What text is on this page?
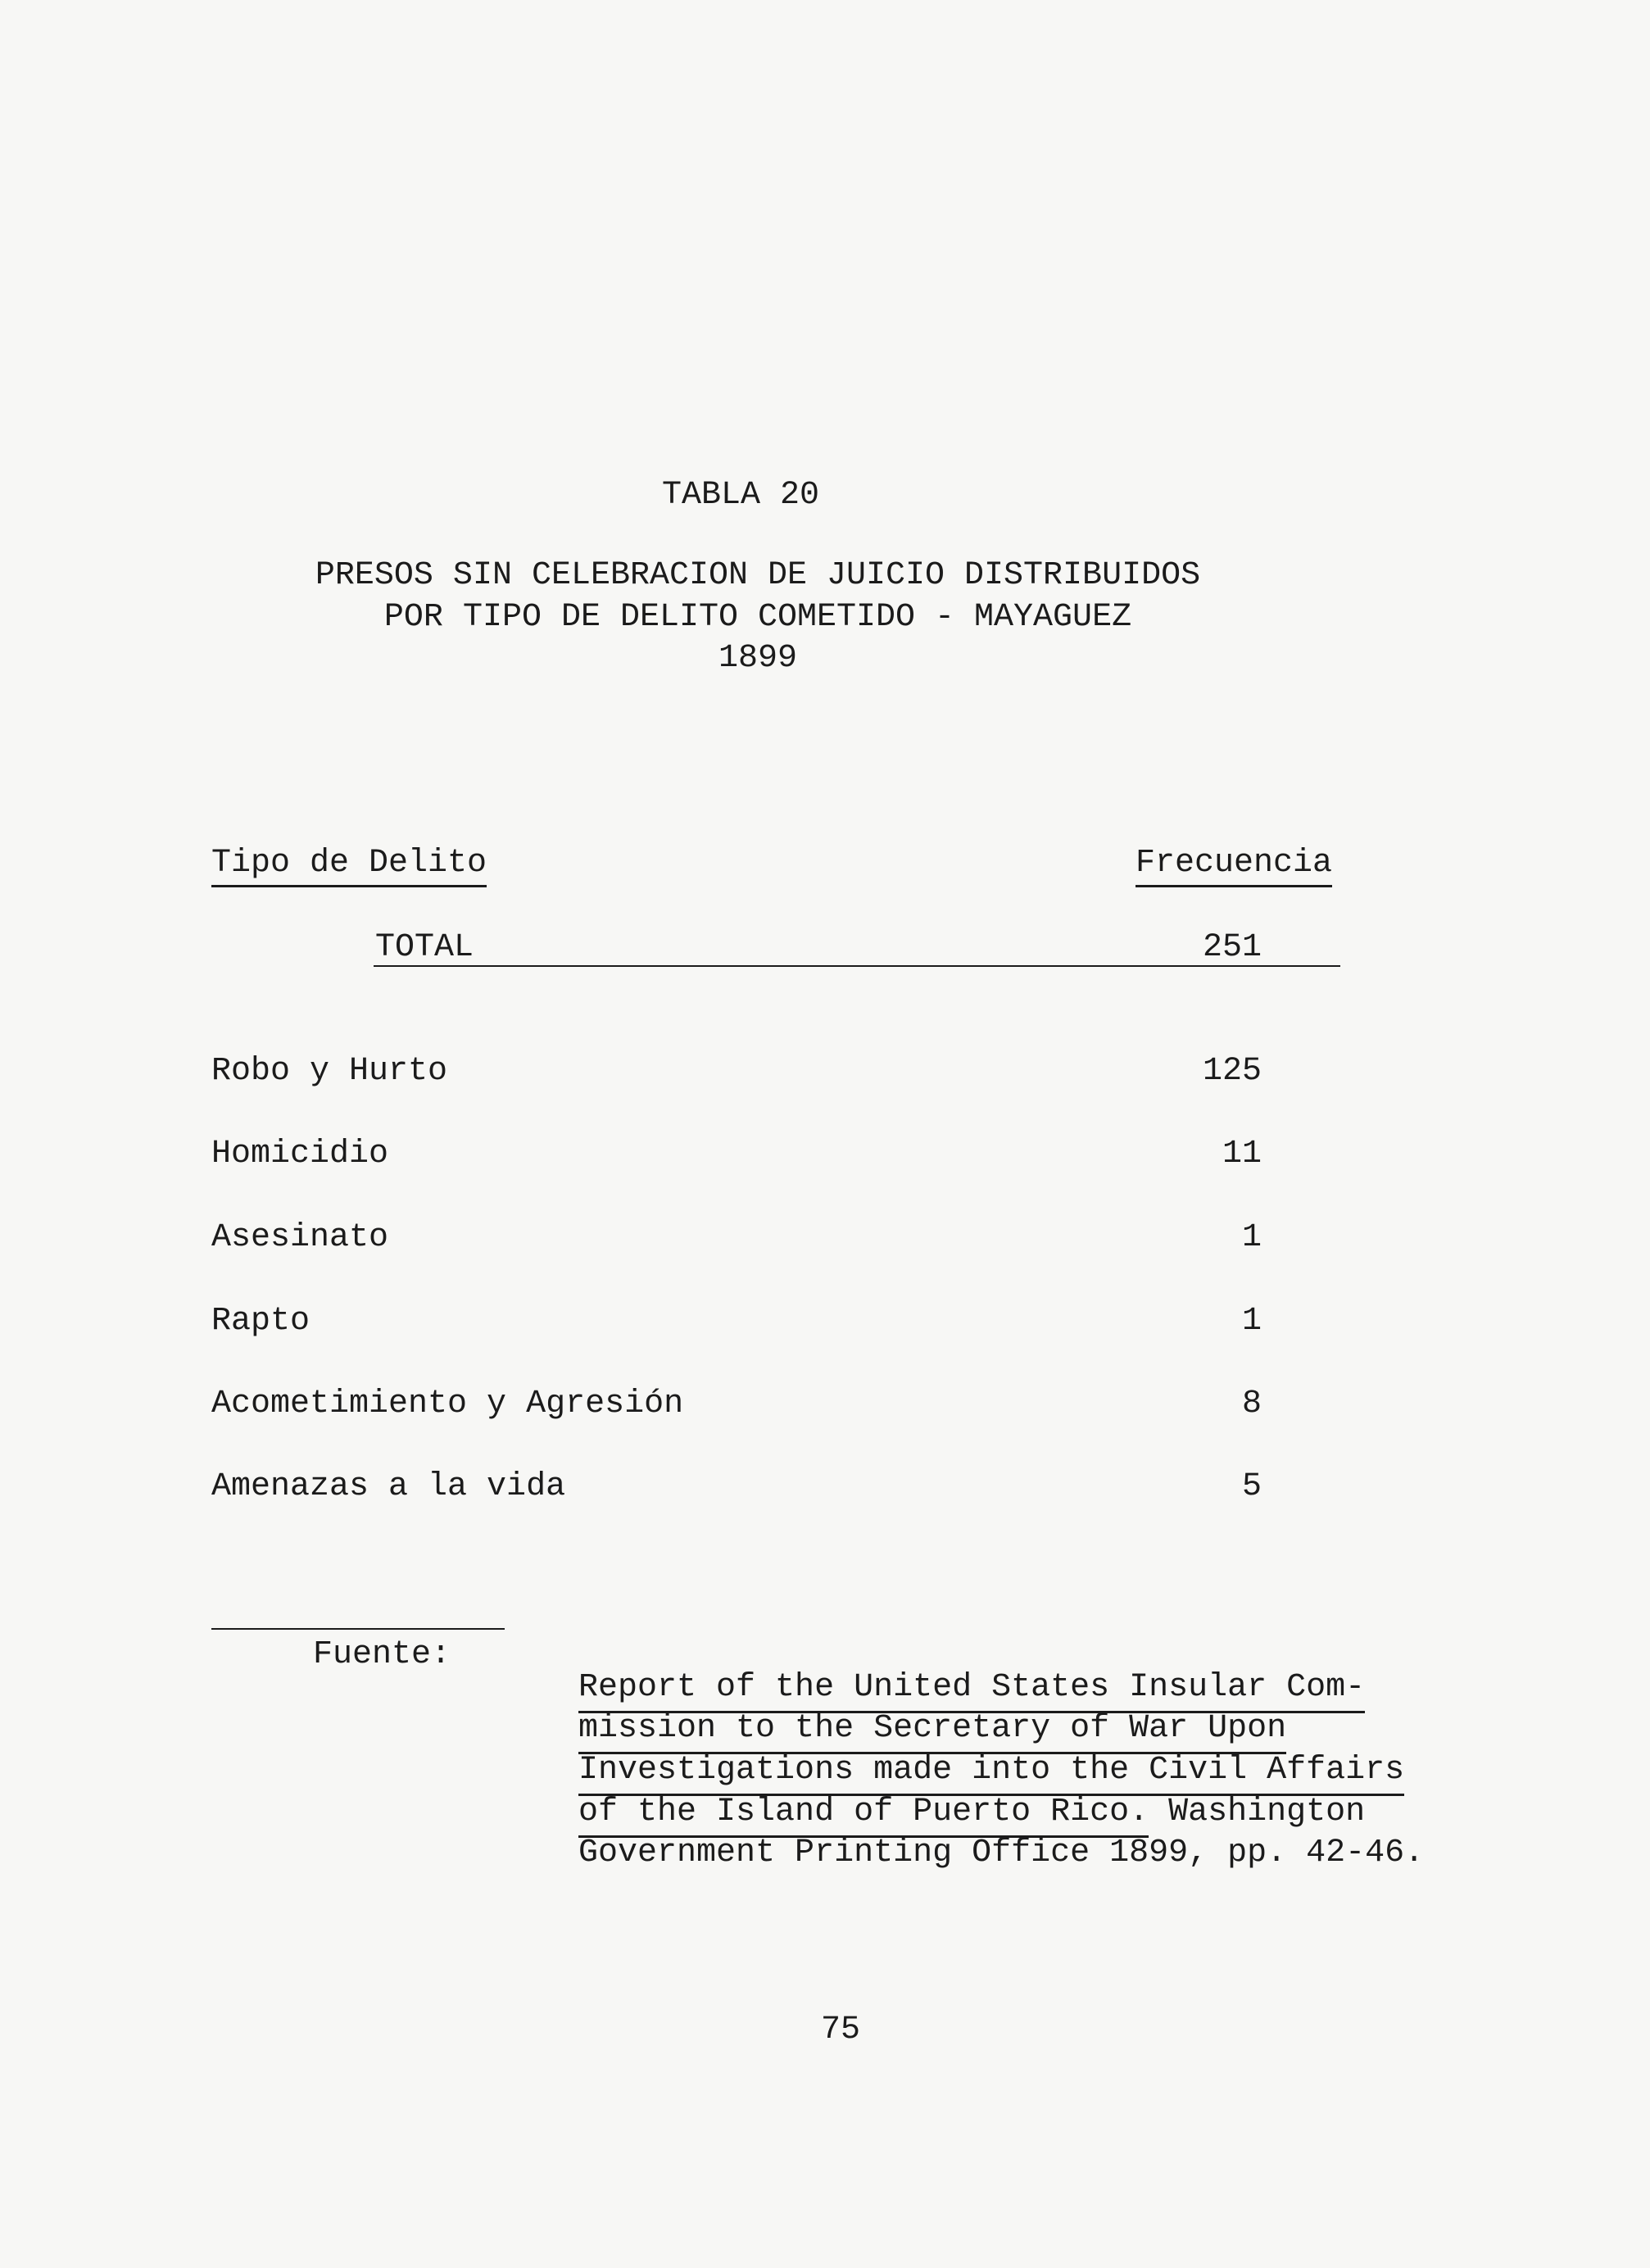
TABLA 20
PRESOS SIN CELEBRACION DE JUICIO DISTRIBUIDOS
POR TIPO DE DELITO COMETIDO - MAYAGUEZ
1899
Tipo de Delito	Frecuencia
TOTAL	251
Robo y Hurto	125
Homicidio	11
Asesinato	1
Rapto	1
Acometimiento y Agresión	8
Amenazas a la vida	5
Fuente:

Report of the United States Insular Com-

mission to the Secretary of War Upon

Investigations made into the Civil Affairs

of the Island of Puerto Rico. Washington

Government Printing Office 1899, pp. 42-46.

75
